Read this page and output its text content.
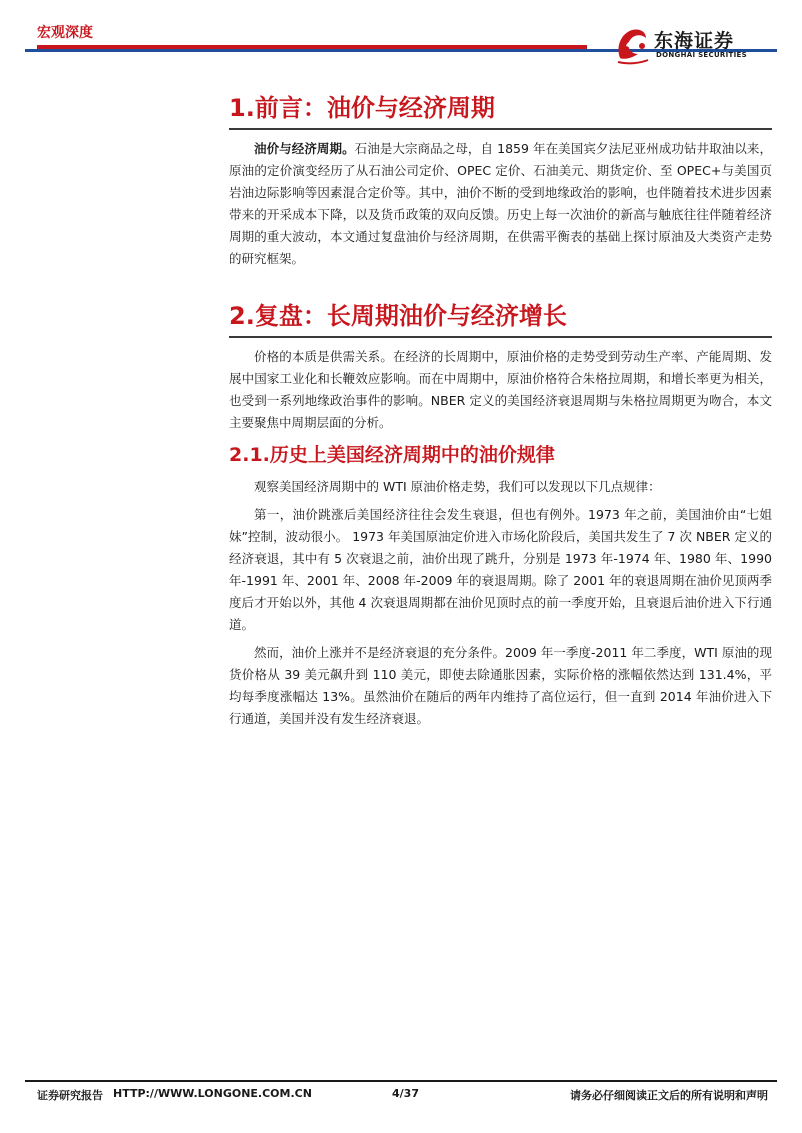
宏观深度	东海证券
DONGHAI SECURITIES
1.前言：油价与经济周期

油价与经济周期。石油是大宗商品之母，自 1859 年在美国宾夕法尼亚州成功钻井取油以来，原油的定价演变经历了从石油公司定价、OPEC 定价、石油美元、期货定价、至 OPEC+与美国页岩油边际影响等因素混合定价等。其中，油价不断的受到地缘政治的影响，也伴随着技术进步因素带来的开采成本下降，以及货币政策的双向反馈。历史上每一次油价的新高与触底往往伴随着经济周期的重大波动，本文通过复盘油价与经济周期，在供需平衡表的基础上探讨原油及大类资产走势的研究框架。

2.复盘：长周期油价与经济增长

价格的本质是供需关系。在经济的长周期中，原油价格的走势受到劳动生产率、产能周期、发展中国家工业化和长鞭效应影响。而在中周期中，原油价格符合朱格拉周期，和增长率更为相关，也受到一系列地缘政治事件的影响。NBER 定义的美国经济衰退周期与朱格拉周期更为吻合，本文主要聚焦中周期层面的分析。

2.1.历史上美国经济周期中的油价规律

观察美国经济周期中的 WTI 原油价格走势，我们可以发现以下几点规律：

第一，油价跳涨后美国经济往往会发生衰退，但也有例外。1973 年之前，美国油价由“七姐妹”控制，波动很小。 1973 年美国原油定价进入市场化阶段后，美国共发生了 7 次 NBER 定义的经济衰退，其中有 5 次衰退之前，油价出现了跳升，分别是 1973 年-1974 年、1980 年、1990 年-1991 年、2001 年、2008 年-2009 年的衰退周期。除了 2001 年的衰退周期在油价见顶两季度后才开始以外，其他 4 次衰退周期都在油价见顶时点的前一季度开始，且衰退后油价进入下行通道。

然而，油价上涨并不是经济衰退的充分条件。2009 年一季度-2011 年二季度，WTI 原油的现货价格从 39 美元飙升到 110 美元，即使去除通胀因素，实际价格的涨幅依然达到 131.4%，平均每季度涨幅达 13%。虽然油价在随后的两年内维持了高位运行，但一直到 2014 年油价进入下行通道，美国并没有发生经济衰退。

证券研究报告 HTTP://WWW.LONGONE.COM.CN	4/37	请务必仔细阅读正文后的所有说明和声明
